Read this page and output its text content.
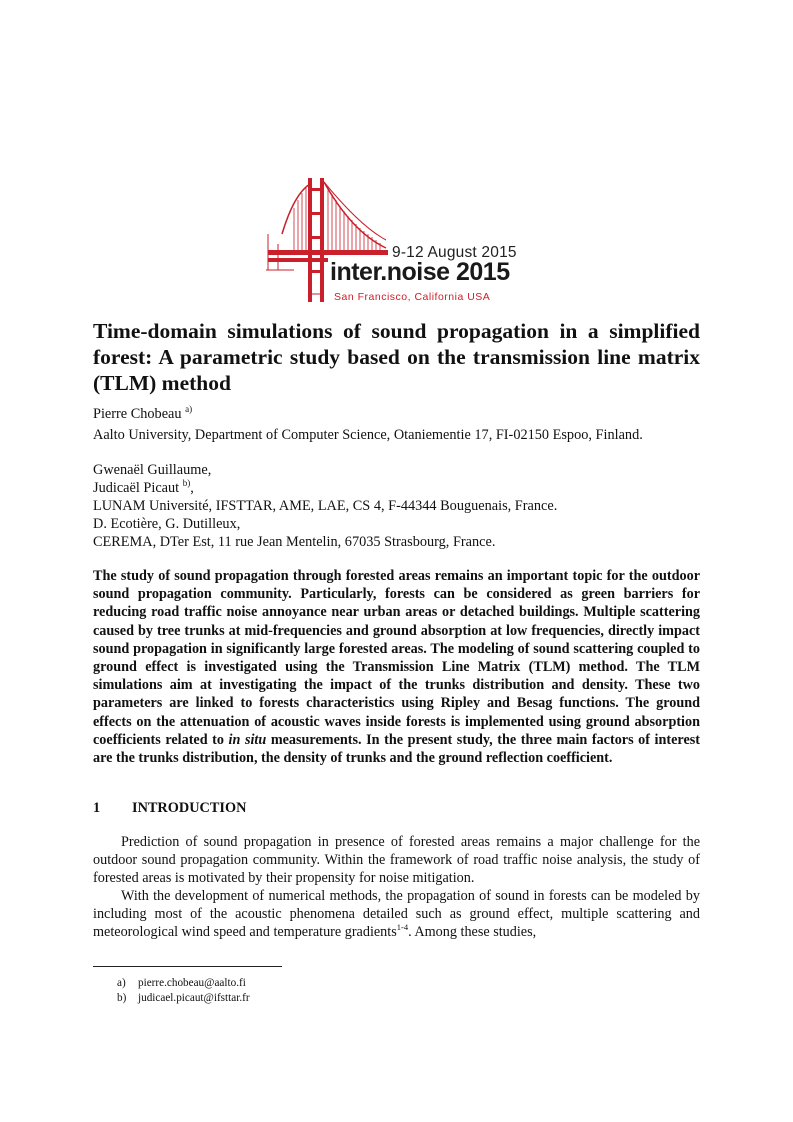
9-12 August 2015
inter.noise 2015
San Francisco, California USA
Time-domain simulations of sound propagation in a simplified forest: A parametric study based on the transmission line matrix (TLM) method
Pierre Chobeau $^{a)}$
Aalto University, Department of Computer Science, Otaniementie 17, FI-02150 Espoo, Finland.
Gwenaël Guillaume,
Judicaël Picaut $^{b)}$,
LUNAM Université, IFSTTAR, AME, LAE, CS 4, F-44344 Bouguenais, France.
D. Ecotière, G. Dutilleux,
CEREMA, DTer Est, 11 rue Jean Mentelin, 67035 Strasbourg, France.

The study of sound propagation through forested areas remains an important topic for the outdoor sound propagation community. Particularly, forests can be considered as green barriers for reducing road traffic noise annoyance near urban areas or detached buildings. Multiple scattering caused by tree trunks at mid-frequencies and ground absorption at low frequencies, directly impact sound propagation in significantly large forested areas. The modeling of sound scattering coupled to ground effect is investigated using the Transmission Line Matrix (TLM) method. The TLM simulations aim at investigating the impact of the trunks distribution and density. These two parameters are linked to forests characteristics using Ripley and Besag functions. The ground effects on the attenuation of acoustic waves inside forests is implemented using ground absorption coefficients related to in situ measurements. In the present study, the three main factors of interest are the trunks distribution, the density of trunks and the ground reflection coefficient.

1 INTRODUCTION

Prediction of sound propagation in presence of forested areas remains a major challenge for the outdoor sound propagation community. Within the framework of road traffic noise analysis, the study of forested areas is motivated by their propensity for noise mitigation.

With the development of numerical methods, the propagation of sound in forests can be modeled by including most of the acoustic phenomena detailed such as ground effect, multiple scattering and meteorological wind speed and temperature gradients$^{1-4}$. Among these studies,

a) pierre.chobeau@aalto.fi
b) judicael.picaut@ifsttar.fr
